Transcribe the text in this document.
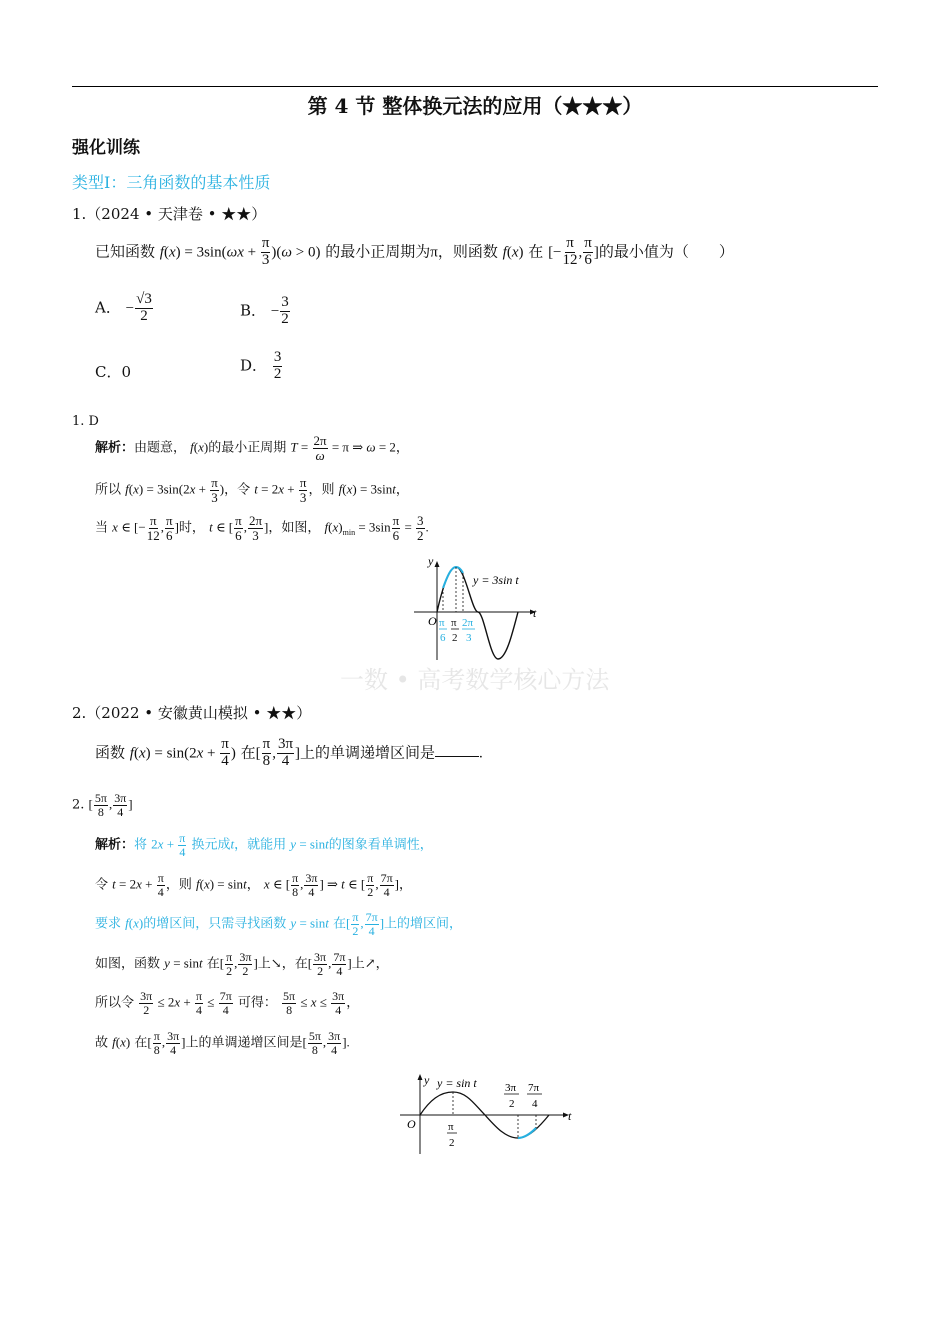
第 4 节 整体换元法的应用（★★★）
强化训练
类型Ⅰ：三角函数的基本性质
1.（2024 • 天津卷 • ★★）
已知函数 $f(x) = 3\sin(\omega x + \frac{\pi}{3} )(\omega > 0)$ 的最小正周期为π，则函数 f(x) 在 [− $\frac{\pi}{12}$ , $\frac{\pi}{6}$ ]的最小值为（　　）
A． − $\frac{√3}{2}$	B． − $\frac{3}{2}$
C．0	D． $\frac{3}{2}$
1. D
解析：由题意， f(x)的最小正周期 $T = \frac{2\pi}{\omega} = \pi$ ⇒ ω = 2，
所以 $f(x) = 3\sin(2x + \frac{\pi}{3}$ )，令 $t = 2x + \frac{\pi}{3}$ ，则 f(x) = 3sint，
当 x ∈ [− $\frac{\pi}{12}$ , $\frac{\pi}{6}$ ]时， t ∈ [ $\frac{\pi}{6}$ , $\frac{2\pi}{3}$ ]，如图， $f(x)_{min} = 3\sin \frac{\pi}{6} = \frac{3}{2}$ .
O
y
t
y = 3sin t
π
6
π
2
2π
3
一数 • 高考数学核心方法
2.（2022 • 安徽黄山模拟 • ★★）
函数 $f(x) = \sin(2x + \frac{\pi}{4}$ ) 在[ $\frac{\pi}{8}$ , $\frac{3\pi}{4}$ ]上的单调递增区间是	.
2. [ $\frac{5\pi}{8}$ , $\frac{3\pi}{4}$ ]
解析：将 $2x + \frac{\pi}{4}$ 换元成t，就能用 y = sint的图象看单调性，
令 $t = 2x + \frac{\pi}{4}$ ，则 f(x) = sint， x ∈ [ $\frac{\pi}{8}$ , $\frac{3\pi}{4}$ ] ⇒ t ∈ [ $\frac{\pi}{2}$ , $\frac{7\pi}{4}$ ]，
要求 f(x)的增区间，只需寻找函数 y = sint 在[ $\frac{\pi}{2}$ , $\frac{7\pi}{4}$ ]上的增区间，
如图，函数 y = sint 在[ $\frac{\pi}{2}$ , $\frac{3\pi}{2}$ ]上↘，在[ $\frac{3\pi}{2}$ , $\frac{7\pi}{4}$ ]上↗，
所以令 $\frac{3\pi}{2} \le 2x + \frac{\pi}{4} \le \frac{7\pi}{4}$ 可得： $\frac{5\pi}{8} \le x \le \frac{3\pi}{4}$ ，
故 f(x) 在[ $\frac{\pi}{8}$ , $\frac{3\pi}{4}$ ]上的单调递增区间是[ $\frac{5\pi}{8}$ , $\frac{3\pi}{4}$ ].
O
y
t
y = sin t
π
2
3π
2
7π
4
